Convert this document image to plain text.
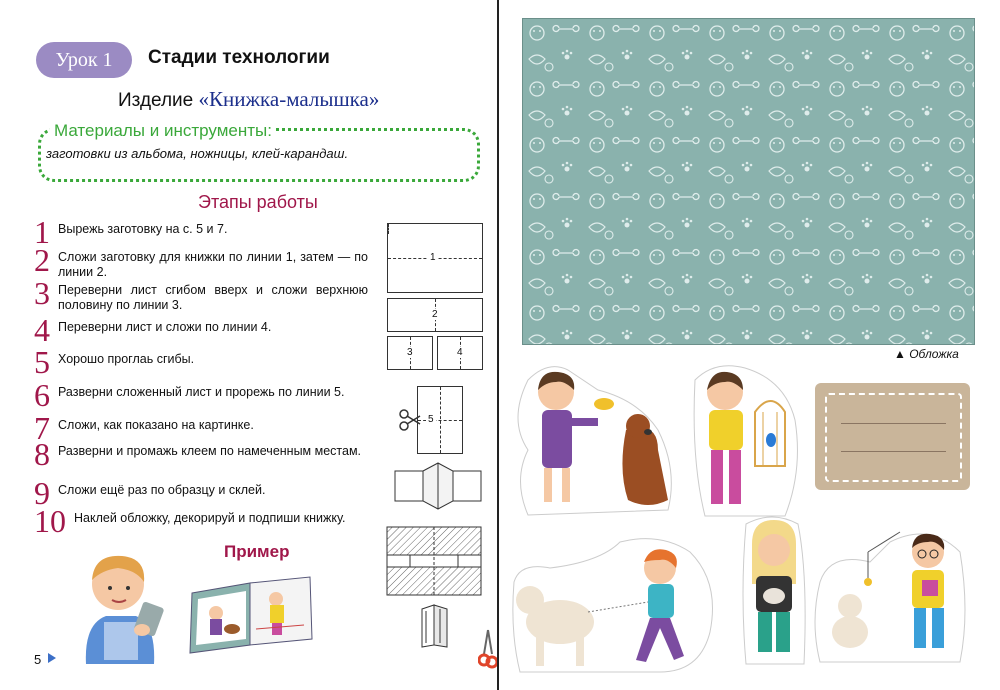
Урок 1	Стадии технологии
Изделие «Книжка-малышка»
Материалы и инструменты:
заготовки из альбома, ножницы, клей-карандаш.
Этапы работы
1 Вырежь заготовку на с. 5 и 7.
2 Сложи заготовку для книжки по линии 1, затем — по линии 2.
3 Переверни лист сгибом вверх и сложи верхнюю половину по линии 3.
4 Переверни лист и сложи по линии 4.
5 Хорошо проглаь сгибы.
6 Разверни сложенный лист и прорежь по линии 5.
7 Сложи, как показано на картинке.
8 Разверни и промажь клеем по намеченным местам.
9 Сложи ещё раз по образцу и склей.
10 Наклей обложку, декорируй и подпиши книжку.
1
2
3	4
5
Пример
5
▲ Обложка
